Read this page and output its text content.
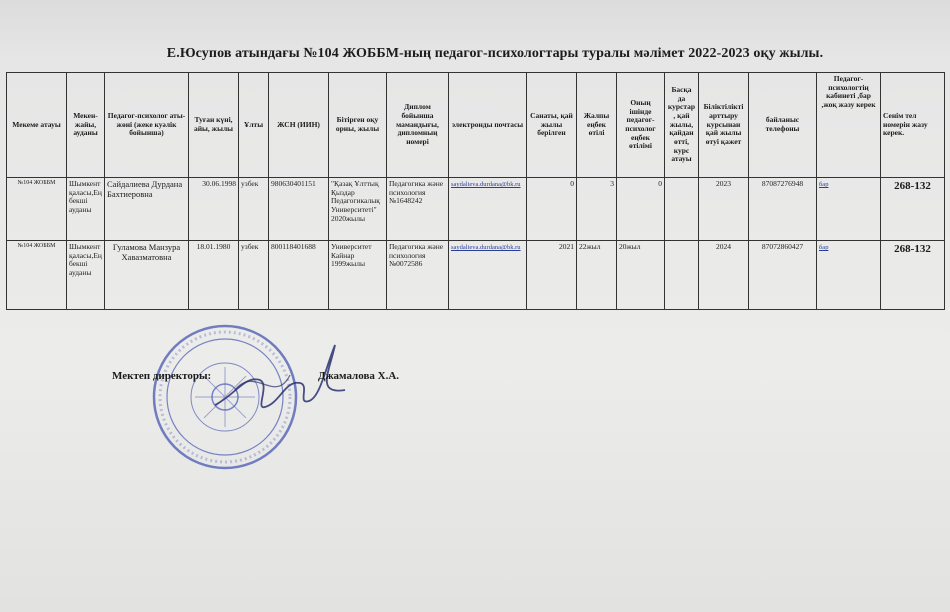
Е.Юсупов атындағы №104 ЖОББМ-ның педагог-психологтары туралы мәлімет 2022-2023 оқу жылы.
Мекеме атауы	Мекен-жайы, ауданы	Педагог-психолог аты-жөні (жеке куәлік бойынша)	Туған күні, айы, жылы	Ұлты	ЖСН (ИИН)	Бітірген оқу орны, жылы	Диплом бойынша мамандығы, дипломның номері	электронды почтасы	Санаты, қай жылы берілген	Жалпы еңбек өтілі	Оның ішінде педагог-психолог еңбек өтілімі	Басқа да курстар, қай жылы, қайдан өтті, курс атауы	Біліктілікті арттыру курсынан қай жылы өтуі қажет	байланыс телефоны	Педагог-психологтің кабинеті ,бар ,жоқ жазу керек	Сенім тел номерін жазу керек.
№104 ЖОББМ	Шымкент қаласы,Еңбекші ауданы	Сайдалиева Дурдана Бахтиеровна	30.06.1998	узбек	980630401151	"Қазақ Ұлттық Қыздар Педагогикалық Университеті" 2020жылы	Педагогика және психология №1648242	saydalieva.durdana@bk.ru	0	3	0		2023	87087276948	бар	268-132
№104 ЖОББМ	Шымкент қаласы,Еңбекші ауданы	Гуламова Манзура Хавазматовна	18.01.1980	узбек	800118401688	Университет Кайнар 1999жылы	Педагогика және психология №0072586	saydalieva.durdana@bk.ru	2021	22жыл	20жыл		2024	87072860427	бар	268-132
Мектеп директоры:	Джамалова Х.А.
